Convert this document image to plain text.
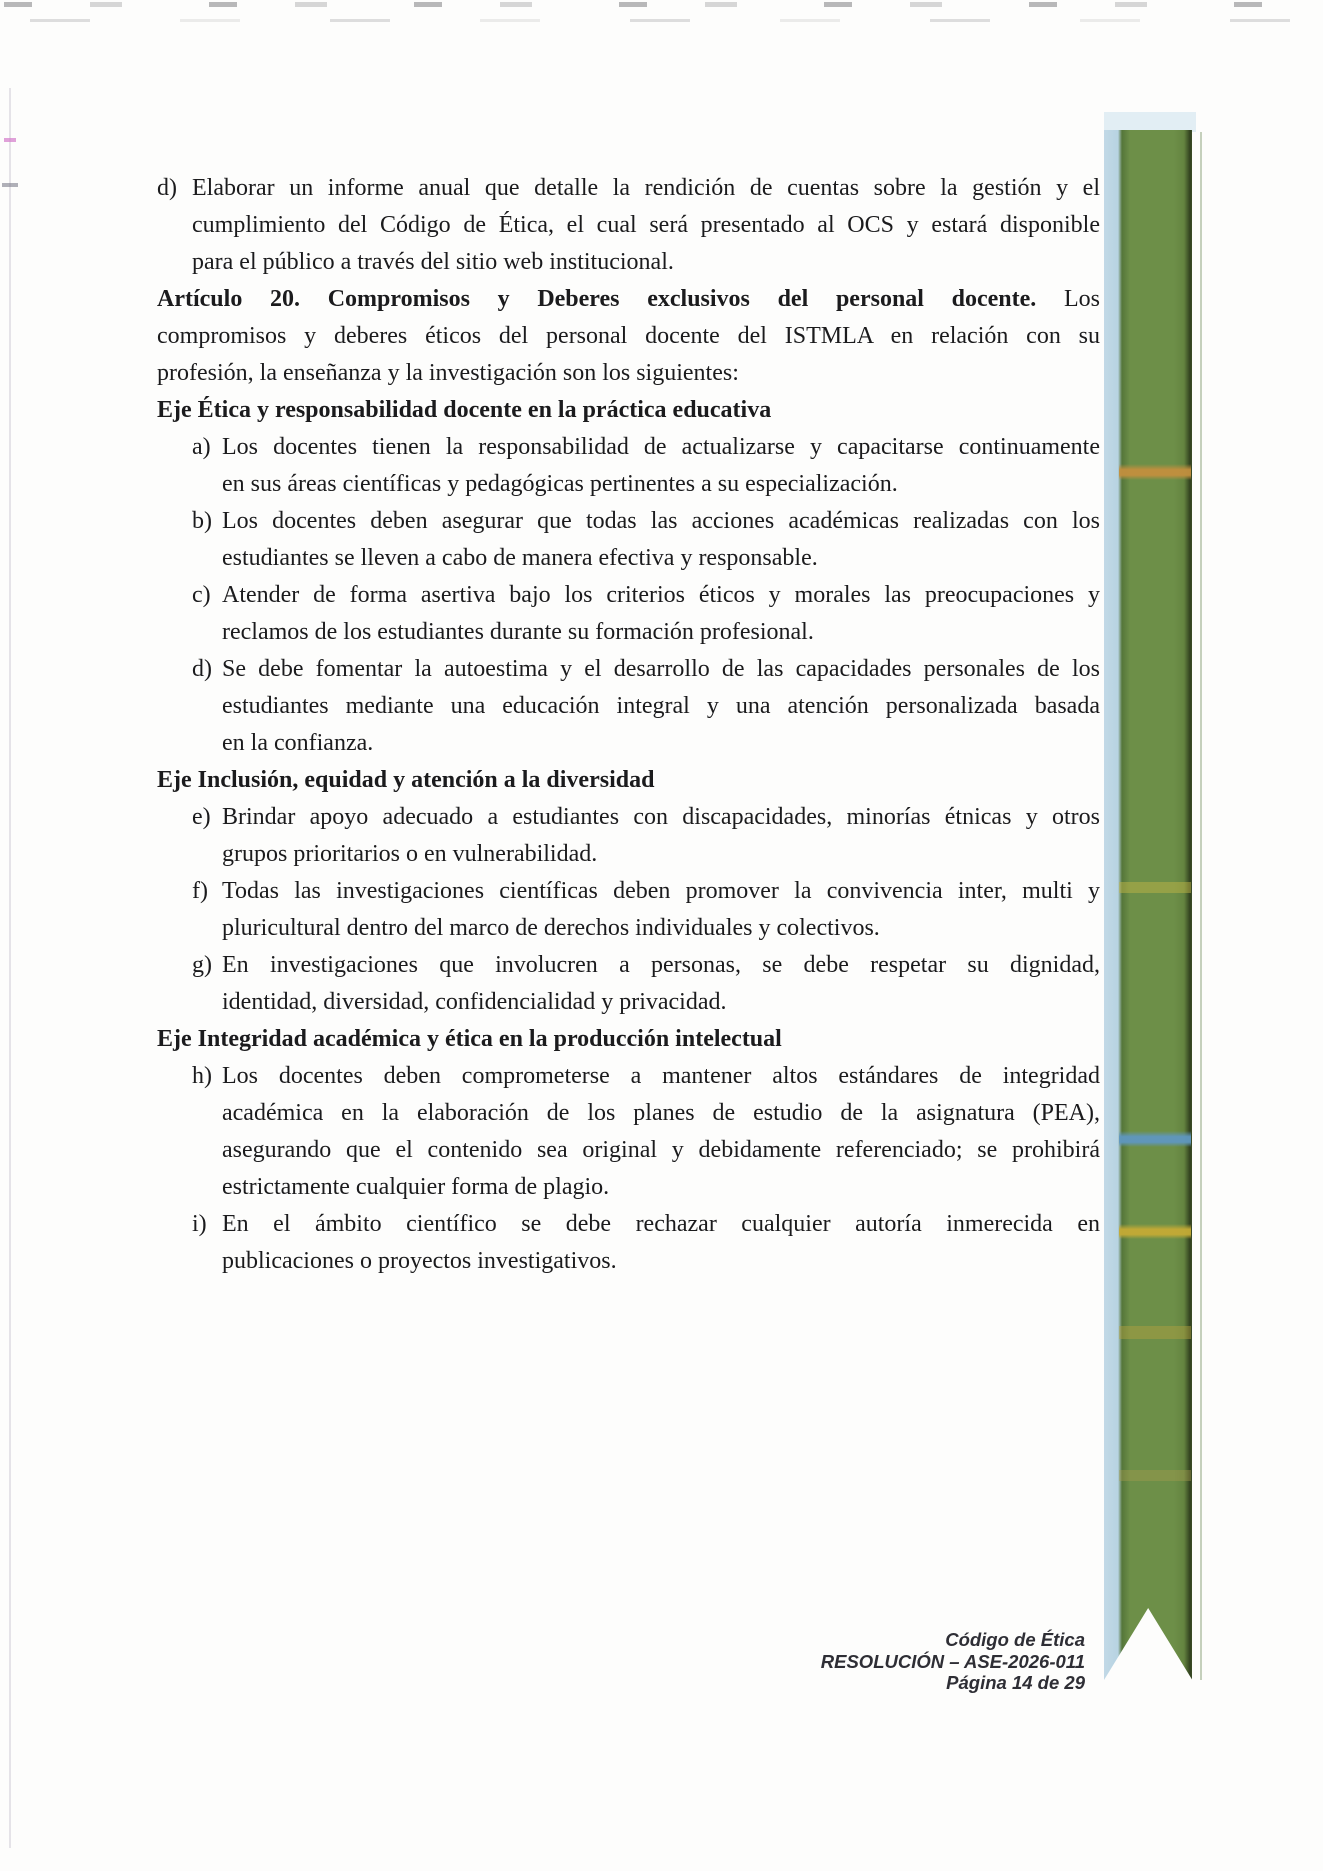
d) Elaborar un informe anual que detalle la rendición de cuentas sobre la gestión y el
cumplimiento del Código de Ética, el cual será presentado al OCS y estará disponible
para el público a través del sitio web institucional.
Artículo 20. Compromisos y Deberes exclusivos del personal docente. Los
compromisos y deberes éticos del personal docente del ISTMLA en relación con su
profesión, la enseñanza y la investigación son los siguientes:
Eje Ética y responsabilidad docente en la práctica educativa
a) Los docentes tienen la responsabilidad de actualizarse y capacitarse continuamente
en sus áreas científicas y pedagógicas pertinentes a su especialización.
b) Los docentes deben asegurar que todas las acciones académicas realizadas con los
estudiantes se lleven a cabo de manera efectiva y responsable.
c) Atender de forma asertiva bajo los criterios éticos y morales las preocupaciones y
reclamos de los estudiantes durante su formación profesional.
d) Se debe fomentar la autoestima y el desarrollo de las capacidades personales de los
estudiantes mediante una educación integral y una atención personalizada basada
en la confianza.
Eje Inclusión, equidad y atención a la diversidad
e) Brindar apoyo adecuado a estudiantes con discapacidades, minorías étnicas y otros
grupos prioritarios o en vulnerabilidad.
f) Todas las investigaciones científicas deben promover la convivencia inter, multi y
pluricultural dentro del marco de derechos individuales y colectivos.
g) En investigaciones que involucren a personas, se debe respetar su dignidad,
identidad, diversidad, confidencialidad y privacidad.
Eje Integridad académica y ética en la producción intelectual
h) Los docentes deben comprometerse a mantener altos estándares de integridad
académica en la elaboración de los planes de estudio de la asignatura (PEA),
asegurando que el contenido sea original y debidamente referenciado; se prohibirá
estrictamente cualquier forma de plagio.
i) En el ámbito científico se debe rechazar cualquier autoría inmerecida en
publicaciones o proyectos investigativos.
Código de Ética
RESOLUCIÓN – ASE-2026-011
Página 14 de 29
